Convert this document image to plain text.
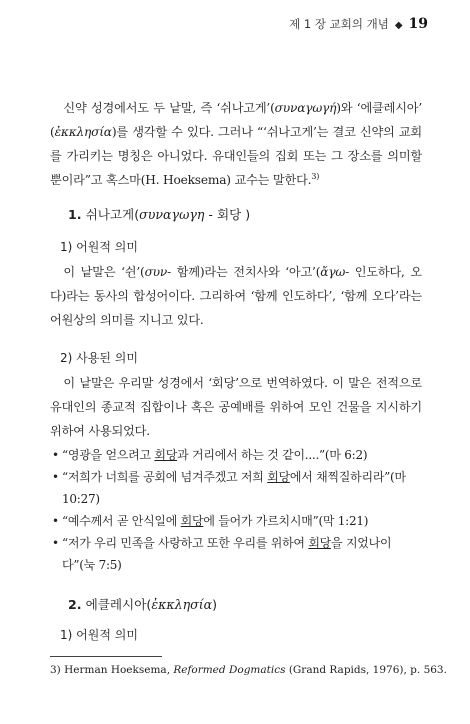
제 1 장 교회의 개념 ◆ 19

신약 성경에서도 두 낱말, 즉 ‘쉬나고게’(συναγωγή)와 ‘에클레시아’ (ἐκκλησία)를 생각할 수 있다. 그러나 “‘쉬나고게’는 결코 신약의 교회를 가리키는 명칭은 아니었다. 유대인들의 집회 또는 그 장소를 의미할 뿐이라”고 혹스마(H. Hoeksema) 교수는 말한다.$^{3)}$

1. 쉬나고게(συναγωγη - 회당 )
1) 어원적 의미

이 낱말은 ‘쉰’(συν- 함께)라는 전치사와 ‘아고’(ἄγω- 인도하다, 오다)라는 동사의 합성어이다. 그리하여 ‘함께 인도하다’, ‘함께 오다’라는 어원상의 의미를 지니고 있다.

2) 사용된 의미

이 낱말은 우리말 성경에서 ‘회당’으로 번역하였다. 이 말은 전적으로 유대인의 종교적 집합이나 혹은 공예배를 위하여 모인 건물을 지시하기 위하여 사용되었다.

• “영광을 얻으려고 회당과 거리에서 하는 것 같이....”(마 6:2)
• “저희가 너희를 공회에 넘겨주겠고 저희 회당에서 채찍질하리라”(마 10:27)
• “예수께서 곧 안식일에 회당에 들어가 가르치시매”(막 1:21)
• “저가 우리 민족을 사랑하고 또한 우리를 위하여 회당을 지었나이다”(눅 7:5)
2. 에클레시아(ἐκκλησία)
1) 어원적 의미
3) Herman Hoeksema, Reformed Dogmatics (Grand Rapids, 1976), p. 563.
